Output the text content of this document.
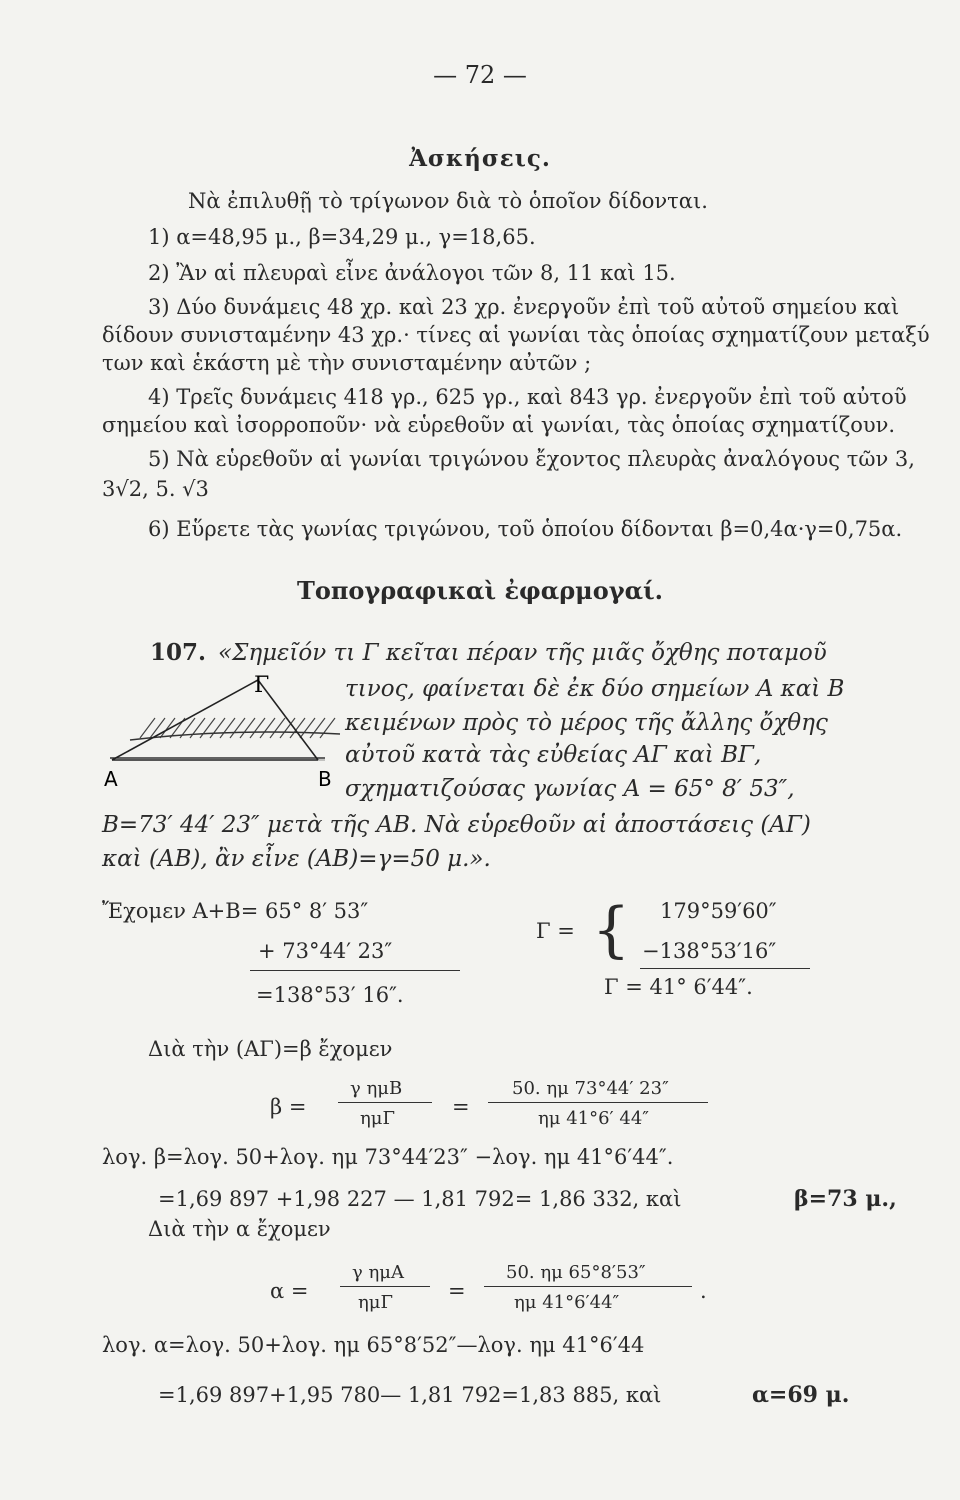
— 72 —
Ἀσκήσεις.
Νὰ ἐπιλυθῇ τὸ τρίγωνον διὰ τὸ ὁποῖον δίδονται.
1) α=48,95 μ., β=34,29 μ., γ=18,65.
2) Ἂν αἱ πλευραὶ εἶνε ἀνάλογοι τῶν 8, 11 καὶ 15.
3) Δύο δυνάμεις 48 χρ. καὶ 23 χρ. ἐνεργοῦν ἐπὶ τοῦ αὐτοῦ σημείου καὶ
δίδουν συνισταμένην 43 χρ.· τίνες αἱ γωνίαι τὰς ὁποίας σχηματίζουν μεταξύ
των καὶ ἑκάστη μὲ τὴν συνισταμένην αὐτῶν ;
4) Τρεῖς δυνάμεις 418 γρ., 625 γρ., καὶ 843 γρ. ἐνεργοῦν ἐπὶ τοῦ αὐτοῦ
σημείου καὶ ἰσορροποῦν· νὰ εὑρεθοῦν αἱ γωνίαι, τὰς ὁποίας σχηματίζουν.
5) Νὰ εὑρεθοῦν αἱ γωνίαι τριγώνου ἔχοντος πλευρὰς ἀναλόγους τῶν 3,
3√2, 5. √3
6) Εὕρετε τὰς γωνίας τριγώνου, τοῦ ὁποίου δίδονται β=0,4α·γ=0,75α.
Τοπογραφικαὶ ἐφαρμογαί.
107. «Σημεῖόν τι Γ κεῖται πέραν τῆς μιᾶς ὄχθης ποταμοῦ
τινος, φαίνεται δὲ ἐκ δύο σημείων Α καὶ Β
κειμένων πρὸς τὸ μέρος τῆς ἄλλης ὄχθης
αὐτοῦ κατὰ τὰς εὐθείας ΑΓ καὶ ΒΓ,
σχηματιζούσας γωνίας Α = 65° 8′ 53″,
Β=73′ 44′ 23″ μετὰ τῆς ΑΒ. Νὰ εὑρεθοῦν αἱ ἀποστάσεις (ΑΓ)
καὶ (ΑΒ), ἂν εἶνε (ΑΒ)=γ=50 μ.».
Γ
A	B
Ἔχομεν Α+Β= 65° 8′ 53″
+ 73°44′ 23″
=138°53′ 16″.
Γ = { 179°59′60″
−138°53′16″
Γ = 41° 6′44″.
Διὰ τὴν (ΑΓ)=β ἔχομεν
β =
γ ημΒ
ημΓ	=
50. ημ 73°44′ 23″
ημ 41°6′ 44″
λογ. β=λογ. 50+λογ. ημ 73°44′23″ −λογ. ημ 41°6′44″.
=1,69 897 +1,98 227 — 1,81 792= 1,86 332, καὶ	β=73 μ.,
Διὰ τὴν α ἔχομεν
α =
γ ημΑ
ημΓ	=
50. ημ 65°8′53″
.
ημ 41°6′44″
λογ. α=λογ. 50+λογ. ημ 65°8′52″—λογ. ημ 41°6′44
=1,69 897+1,95 780— 1,81 792=1,83 885, καὶ	α=69 μ.
